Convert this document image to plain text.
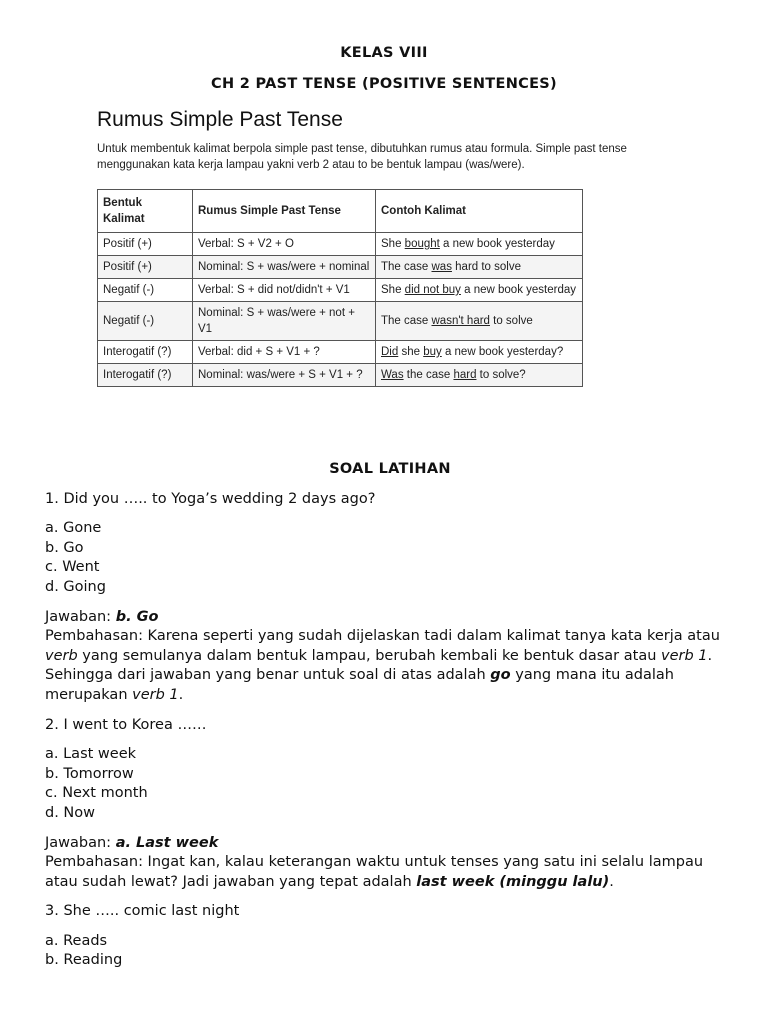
KELAS VIII
CH 2 PAST TENSE (POSITIVE SENTENCES)
Rumus Simple Past Tense

Untuk membentuk kalimat berpola simple past tense, dibutuhkan rumus atau formula. Simple past tense menggunakan kata kerja lampau yakni verb 2 atau to be bentuk lampau (was/were).

Bentuk Kalimat	Rumus Simple Past Tense	Contoh Kalimat
Positif (+)	Verbal: S + V2 + O	She bought a new book yesterday
Positif (+)	Nominal: S + was/were + nominal	The case was hard to solve
Negatif (-)	Verbal: S + did not/didn't + V1	She did not buy a new book yesterday
Negatif (-)	Nominal: S + was/were + not + V1	The case wasn't hard to solve
Interogatif (?)	Verbal: did + S + V1 + ?	Did she buy a new book yesterday?
Interogatif (?)	Nominal: was/were + S + V1 + ?	Was the case hard to solve?

SOAL LATIHAN

1. Did you ….. to Yoga’s wedding 2 days ago?

a. Gone
b. Go
c. Went
d. Going

Jawaban: b. Go
Pembahasan: Karena seperti yang sudah dijelaskan tadi dalam kalimat tanya kata kerja atau verb yang semulanya dalam bentuk lampau, berubah kembali ke bentuk dasar atau verb 1. Sehingga dari jawaban yang benar untuk soal di atas adalah go yang mana itu adalah merupakan verb 1.

2. I went to Korea ……

a. Last week
b. Tomorrow
c. Next month
d. Now

Jawaban: a. Last week
Pembahasan: Ingat kan, kalau keterangan waktu untuk tenses yang satu ini selalu lampau atau sudah lewat? Jadi jawaban yang tepat adalah last week (minggu lalu).

3. She ….. comic last night

a. Reads
b. Reading
